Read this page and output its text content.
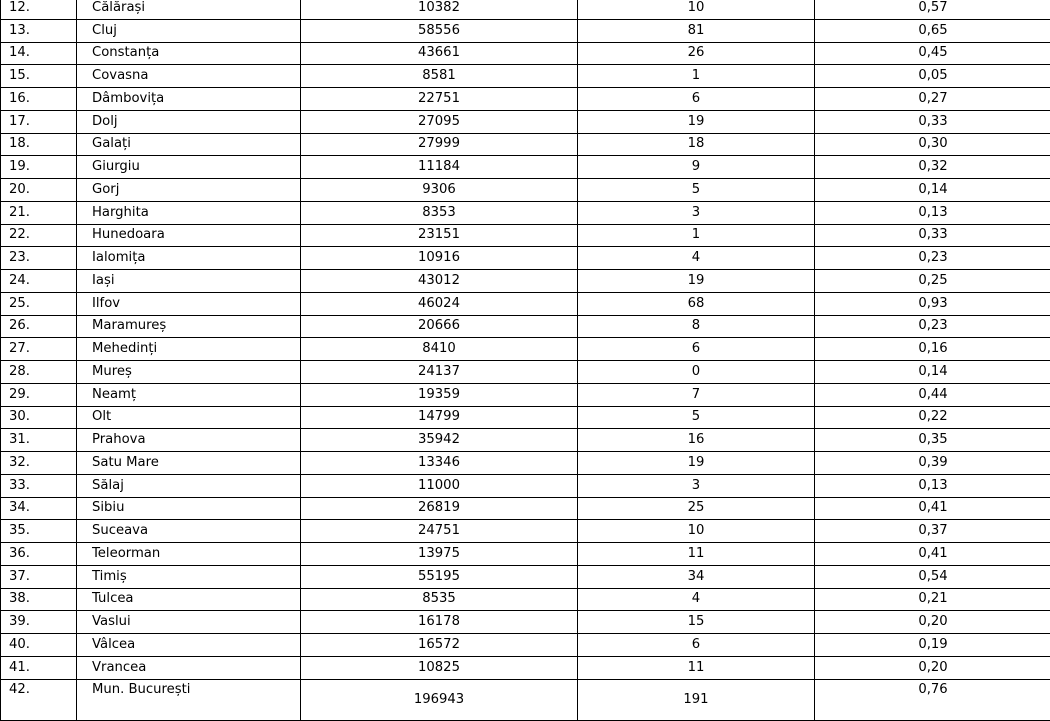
12.	Călărași	10382	10	0,57
13.	Cluj	58556	81	0,65
14.	Constanța	43661	26	0,45
15.	Covasna	8581	1	0,05
16.	Dâmbovița	22751	6	0,27
17.	Dolj	27095	19	0,33
18.	Galați	27999	18	0,30
19.	Giurgiu	11184	9	0,32
20.	Gorj	9306	5	0,14
21.	Harghita	8353	3	0,13
22.	Hunedoara	23151	1	0,33
23.	Ialomița	10916	4	0,23
24.	Iași	43012	19	0,25
25.	Ilfov	46024	68	0,93
26.	Maramureș	20666	8	0,23
27.	Mehedinți	8410	6	0,16
28.	Mureș	24137	0	0,14
29.	Neamț	19359	7	0,44
30.	Olt	14799	5	0,22
31.	Prahova	35942	16	0,35
32.	Satu Mare	13346	19	0,39
33.	Sălaj	11000	3	0,13
34.	Sibiu	26819	25	0,41
35.	Suceava	24751	10	0,37
36.	Teleorman	13975	11	0,41
37.	Timiș	55195	34	0,54
38.	Tulcea	8535	4	0,21
39.	Vaslui	16178	15	0,20
40.	Vâlcea	16572	6	0,19
41.	Vrancea	10825	11	0,20
42.	Mun. București	196943	191	0,76
